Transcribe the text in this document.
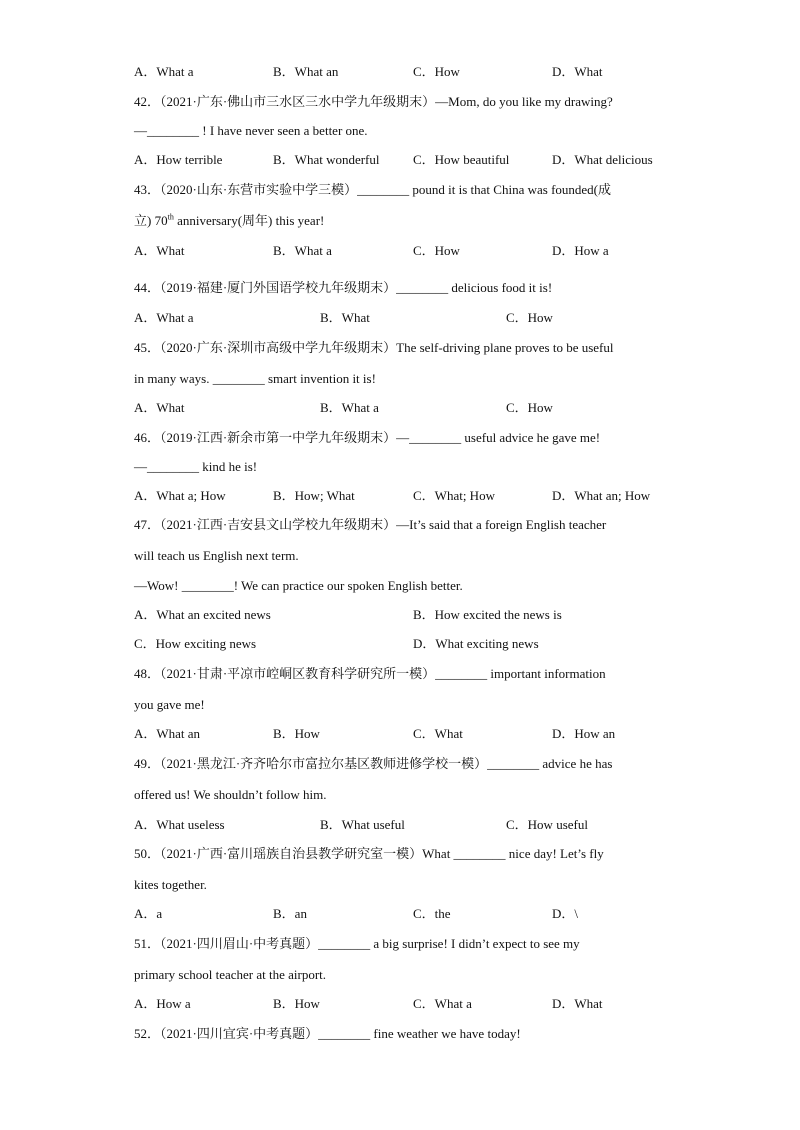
A．What a	B．What an	C．How	D．What
42．（2021·广东·佛山市三水区三水中学九年级期末）—Mom, do you like my drawing?
—________ ! I have never seen a better one.
A．How terrible	B．What wonderful	C．How beautiful	D．What delicious
43．（2020·山东·东营市实验中学三模）________ pound it is that China was founded(成
立) 70th anniversary(周年) this year!
A．What	B．What a	C．How	D．How a
44．（2019·福建·厦门外国语学校九年级期末）________ delicious food it is!
A．What a	B．What	C．How
45．（2020·广东·深圳市高级中学九年级期末）The self-driving plane proves to be useful
in many ways. ________ smart invention it is!
A．What	B．What a	C．How
46．（2019·江西·新余市第一中学九年级期末）—________ useful advice he gave me!
—________ kind he is!
A．What a; How	B．How; What	C．What; How	D．What an; How
47．（2021·江西·吉安县文山学校九年级期末）—It’s said that a foreign English teacher
will teach us English next term.
—Wow! ________! We can practice our spoken English better.
A．What an excited news	B．How excited the news is
C．How exciting news	D．What exciting news
48．（2021·甘肃·平凉市崆峒区教育科学研究所一模）________ important information
you gave me!
A．What an	B．How	C．What	D．How an
49．（2021·黑龙江·齐齐哈尔市富拉尔基区教师进修学校一模）________ advice he has
offered us! We shouldn’t follow him.
A．What useless	B．What useful	C．How useful
50．（2021·广西·富川瑶族自治县教学研究室一模）What ________ nice day! Let’s fly
kites together.
A．a	B．an	C．the	D．\
51．（2021·四川眉山·中考真题）________ a big surprise! I didn’t expect to see my
primary school teacher at the airport.
A．How a	B．How	C．What a	D．What
52．（2021·四川宜宾·中考真题）________ fine weather we have today!
